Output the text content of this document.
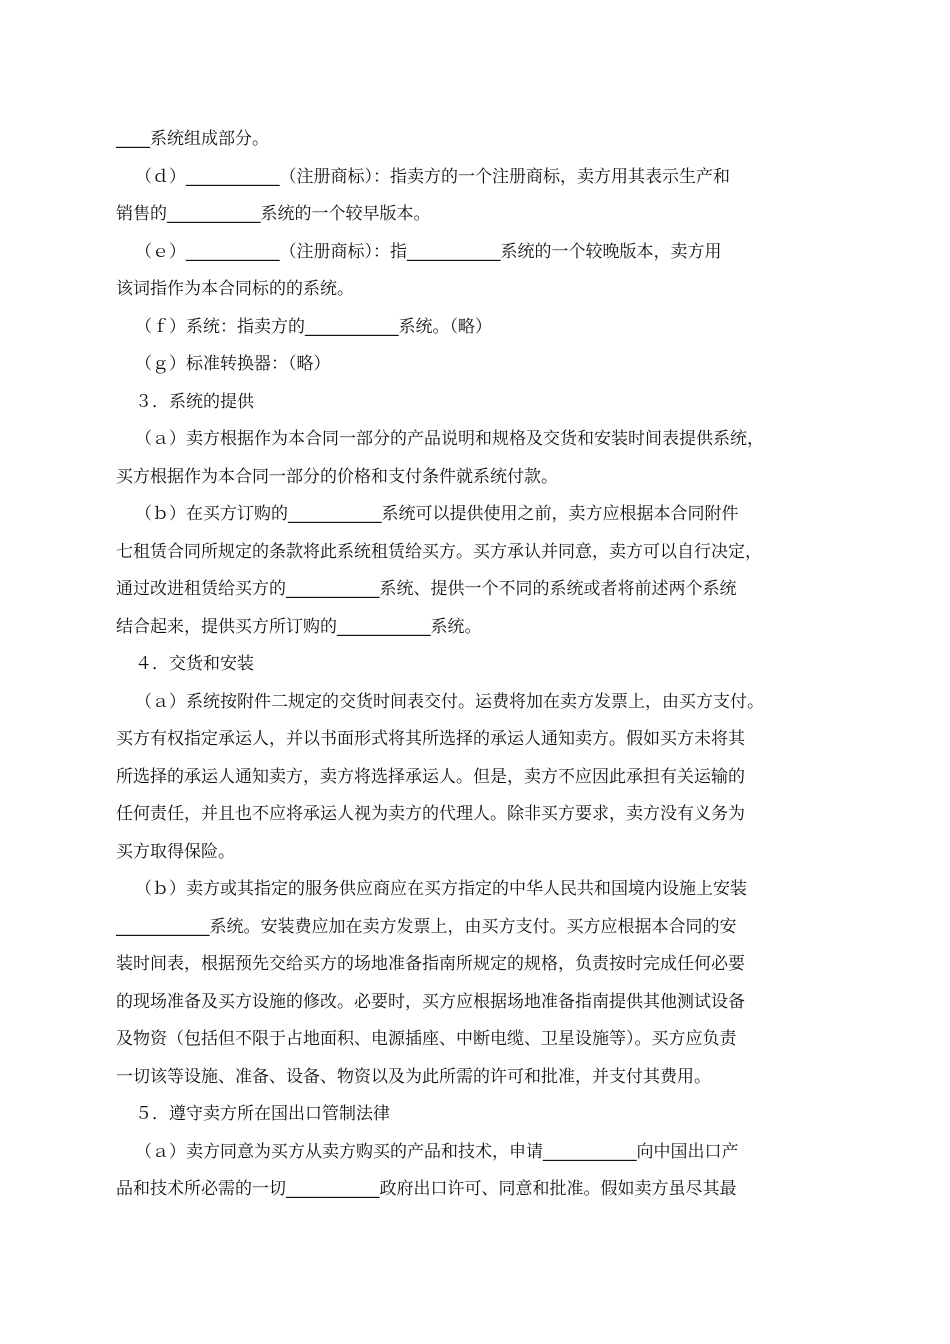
____系统组成部分。
（ｄ）___________（注册商标）：指卖方的一个注册商标，卖方用其表示生产和
销售的___________系统的一个较早版本。
（ｅ）___________（注册商标）：指___________系统的一个较晚版本，卖方用
该词指作为本合同标的的系统。
（ｆ）系统：指卖方的___________系统。（略）
（ｇ）标准转换器：（略）
３．系统的提供
（ａ）卖方根据作为本合同一部分的产品说明和规格及交货和安装时间表提供系统，
买方根据作为本合同一部分的价格和支付条件就系统付款。
（ｂ）在买方订购的___________系统可以提供使用之前，卖方应根据本合同附件
七租赁合同所规定的条款将此系统租赁给买方。买方承认并同意，卖方可以自行决定，
通过改进租赁给买方的___________系统、提供一个不同的系统或者将前述两个系统
结合起来，提供买方所订购的___________系统。
４．交货和安装
（ａ）系统按附件二规定的交货时间表交付。运费将加在卖方发票上，由买方支付。
买方有权指定承运人，并以书面形式将其所选择的承运人通知卖方。假如买方未将其
所选择的承运人通知卖方，卖方将选择承运人。但是，卖方不应因此承担有关运输的
任何责任，并且也不应将承运人视为卖方的代理人。除非买方要求，卖方没有义务为
买方取得保险。
（ｂ）卖方或其指定的服务供应商应在买方指定的中华人民共和国境内设施上安装
___________系统。安装费应加在卖方发票上，由买方支付。买方应根据本合同的安
装时间表，根据预先交给买方的场地准备指南所规定的规格，负责按时完成任何必要
的现场准备及买方设施的修改。必要时，买方应根据场地准备指南提供其他测试设备
及物资（包括但不限于占地面积、电源插座、中断电缆、卫星设施等）。买方应负责
一切该等设施、准备、设备、物资以及为此所需的许可和批准，并支付其费用。
５．遵守卖方所在国出口管制法律
（ａ）卖方同意为买方从卖方购买的产品和技术，申请___________向中国出口产
品和技术所必需的一切___________政府出口许可、同意和批准。假如卖方虽尽其最
